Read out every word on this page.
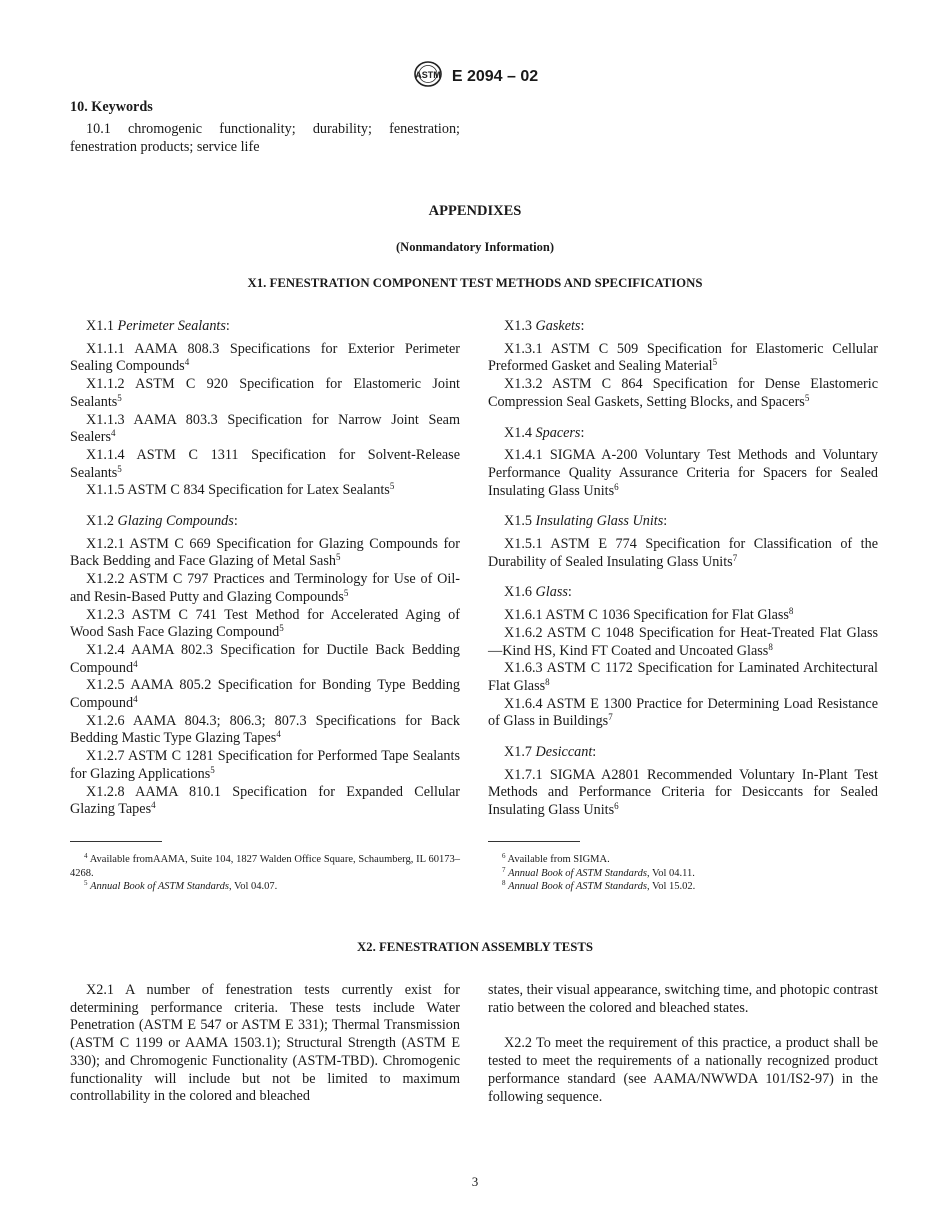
ASTM E 2094 – 02
10. Keywords

10.1 chromogenic functionality; durability; fenestration; fenestration products; service life

APPENDIXES
(Nonmandatory Information)
X1. FENESTRATION COMPONENT TEST METHODS AND SPECIFICATIONS

X1.1 Perimeter Sealants:

X1.1.1 AAMA 808.3 Specifications for Exterior Perimeter Sealing Compounds$^4$

X1.1.2 ASTM C 920 Specification for Elastomeric Joint Sealants$^5$

X1.1.3 AAMA 803.3 Specification for Narrow Joint Seam Sealers$^4$

X1.1.4 ASTM C 1311 Specification for Solvent-Release Sealants$^5$

X1.1.5 ASTM C 834 Specification for Latex Sealants$^5$

X1.2 Glazing Compounds:

X1.2.1 ASTM C 669 Specification for Glazing Compounds for Back Bedding and Face Glazing of Metal Sash$^5$

X1.2.2 ASTM C 797 Practices and Terminology for Use of Oil- and Resin-Based Putty and Glazing Compounds$^5$

X1.2.3 ASTM C 741 Test Method for Accelerated Aging of Wood Sash Face Glazing Compound$^5$

X1.2.4 AAMA 802.3 Specification for Ductile Back Bedding Compound$^4$

X1.2.5 AAMA 805.2 Specification for Bonding Type Bedding Compound$^4$

X1.2.6 AAMA 804.3; 806.3; 807.3 Specifications for Back Bedding Mastic Type Glazing Tapes$^4$

X1.2.7 ASTM C 1281 Specification for Performed Tape Sealants for Glazing Applications$^5$

X1.2.8 AAMA 810.1 Specification for Expanded Cellular Glazing Tapes$^4$

X1.3 Gaskets:

X1.3.1 ASTM C 509 Specification for Elastomeric Cellular Preformed Gasket and Sealing Material$^5$

X1.3.2 ASTM C 864 Specification for Dense Elastomeric Compression Seal Gaskets, Setting Blocks, and Spacers$^5$

X1.4 Spacers:

X1.4.1 SIGMA A-200 Voluntary Test Methods and Voluntary Performance Quality Assurance Criteria for Spacers for Sealed Insulating Glass Units$^6$

X1.5 Insulating Glass Units:

X1.5.1 ASTM E 774 Specification for Classification of the Durability of Sealed Insulating Glass Units$^7$

X1.6 Glass:

X1.6.1 ASTM C 1036 Specification for Flat Glass$^8$

X1.6.2 ASTM C 1048 Specification for Heat-Treated Flat Glass—Kind HS, Kind FT Coated and Uncoated Glass$^8$

X1.6.3 ASTM C 1172 Specification for Laminated Architectural Flat Glass$^8$

X1.6.4 ASTM E 1300 Practice for Determining Load Resistance of Glass in Buildings$^7$

X1.7 Desiccant:

X1.7.1 SIGMA A2801 Recommended Voluntary In-Plant Test Methods and Performance Criteria for Desiccants for Sealed Insulating Glass Units$^6$

$^4$ Available fromAAMA, Suite 104, 1827 Walden Office Square, Schaumberg, IL 60173–4268.

$^5$ Annual Book of ASTM Standards, Vol 04.07.

$^6$ Available from SIGMA.

$^7$ Annual Book of ASTM Standards, Vol 04.11.

$^8$ Annual Book of ASTM Standards, Vol 15.02.

X2. FENESTRATION ASSEMBLY TESTS

X2.1 A number of fenestration tests currently exist for determining performance criteria. These tests include Water Penetration (ASTM E 547 or ASTM E 331); Thermal Transmission (ASTM C 1199 or AAMA 1503.1); Structural Strength (ASTM E 330); and Chromogenic Functionality (ASTM-TBD). Chromogenic functionality will include but not be limited to maximum controllability in the colored and bleached

states, their visual appearance, switching time, and photopic contrast ratio between the colored and bleached states.

X2.2 To meet the requirement of this practice, a product shall be tested to meet the requirements of a nationally recognized product performance standard (see AAMA/NWWDA 101/IS2-97) in the following sequence.

3
